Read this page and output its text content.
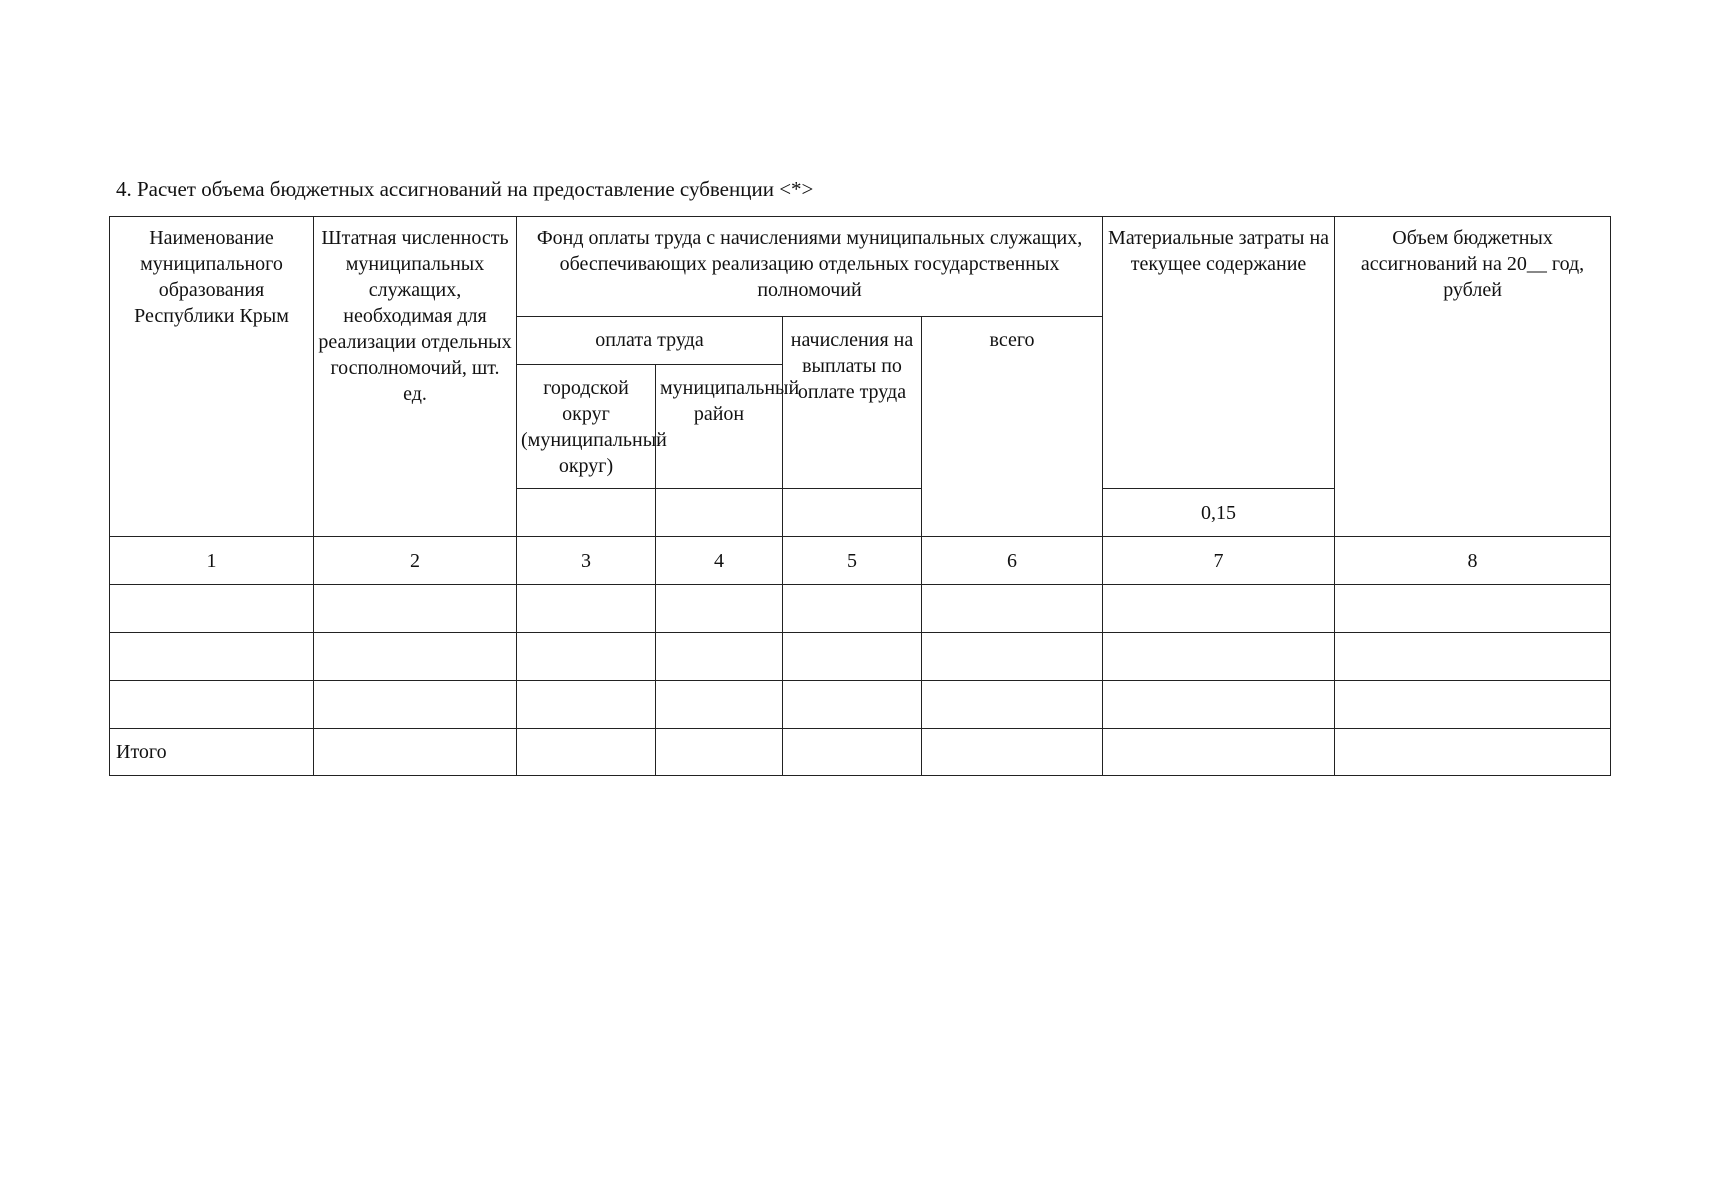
4. Расчет объема бюджетных ассигнований на предоставление субвенции <*>
Наименование муниципального образования Республики Крым	Штатная численность муниципальных служащих, необходимая для реализации отдельных госполномочий, шт. ед.	Фонд оплаты труда с начислениями муниципальных служащих, обеспечивающих реализацию отдельных государственных полномочий				Материальные затраты на текущее содержание	Объем бюджетных ассигнований на 20__ год, рублей
		оплата труда		начисления на выплаты по оплате труда	всего		
		городской округ (муниципальный округ)	муниципальный район				
						0,15	
1	2	3	4	5	6	7	8

Итого							
